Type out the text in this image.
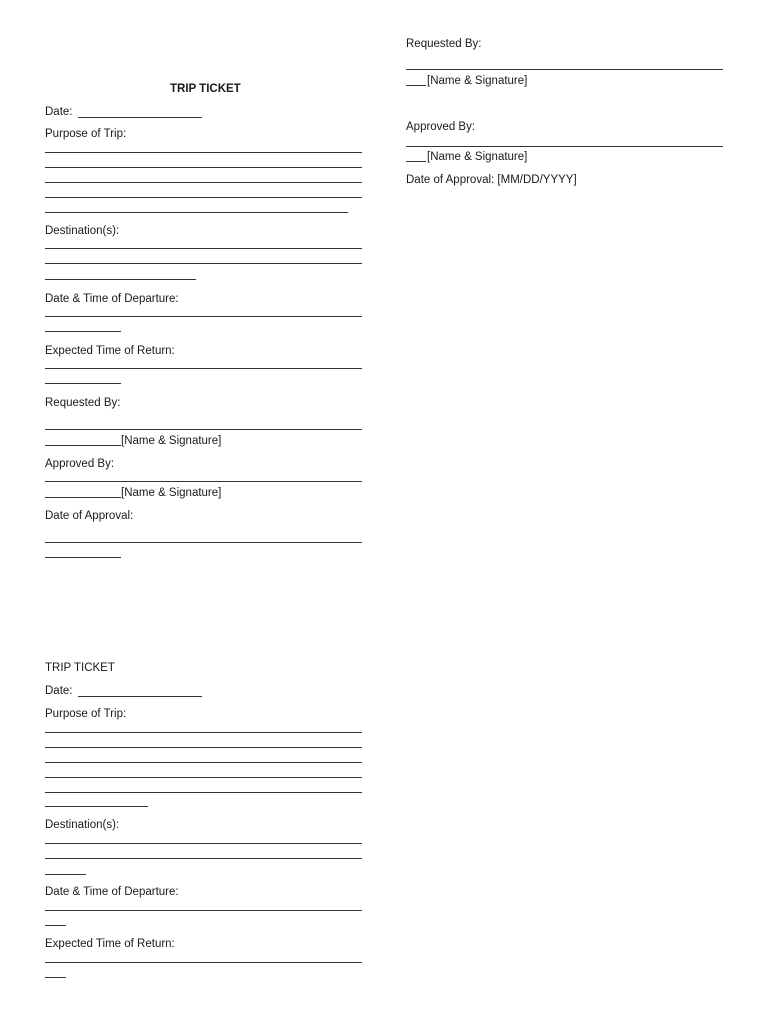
TRIP TICKET
Date:
Purpose of Trip:
Destination(s):
Date & Time of Departure:
Expected Time of Return:
Requested By:
[Name & Signature]
Approved By:
[Name & Signature]
Date of Approval:
Requested By:
[Name & Signature]
Approved By:
[Name & Signature]
Date of Approval: [MM/DD/YYYY]
TRIP TICKET
Date:
Purpose of Trip:
Destination(s):
Date & Time of Departure:
Expected Time of Return:
